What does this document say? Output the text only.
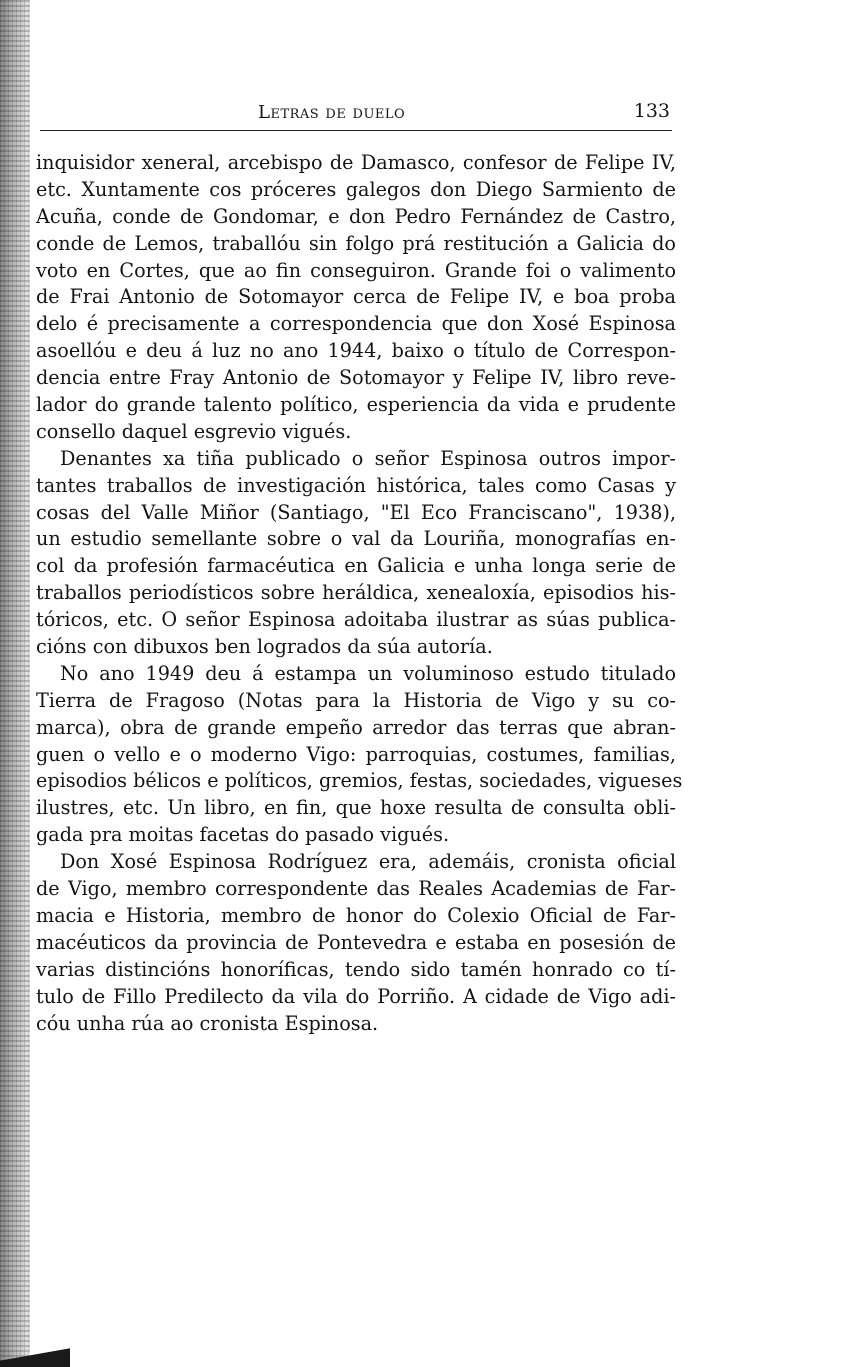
Letras de duelo	133
inquisidor xeneral, arcebispo de Damasco, confesor de Felipe IV,
etc. Xuntamente cos próceres galegos don Diego Sarmiento de
Acuña, conde de Gondomar, e don Pedro Fernández de Castro,
conde de Lemos, traballóu sin folgo prá restitución a Galicia do
voto en Cortes, que ao fin conseguiron. Grande foi o valimento
de Frai Antonio de Sotomayor cerca de Felipe IV, e boa proba
delo é precisamente a correspondencia que don Xosé Espinosa
asoellóu e deu á luz no ano 1944, baixo o título de Correspon-
dencia entre Fray Antonio de Sotomayor y Felipe IV, libro reve-
lador do grande talento político, esperiencia da vida e prudente
consello daquel esgrevio vigués.
Denantes xa tiña publicado o señor Espinosa outros impor-
tantes traballos de investigación histórica, tales como Casas y
cosas del Valle Miñor (Santiago, "El Eco Franciscano", 1938),
un estudio semellante sobre o val da Louriña, monografías en-
col da profesión farmacéutica en Galicia e unha longa serie de
traballos periodísticos sobre heráldica, xenealoxía, episodios his-
tóricos, etc. O señor Espinosa adoitaba ilustrar as súas publica-
cións con dibuxos ben logrados da súa autoría.
No ano 1949 deu á estampa un voluminoso estudo titulado
Tierra de Fragoso (Notas para la Historia de Vigo y su co-
marca), obra de grande empeño arredor das terras que abran-
guen o vello e o moderno Vigo: parroquias, costumes, familias,
episodios bélicos e políticos, gremios, festas, sociedades, vigueses
ilustres, etc. Un libro, en fin, que hoxe resulta de consulta obli-
gada pra moitas facetas do pasado vigués.
Don Xosé Espinosa Rodríguez era, ademáis, cronista oficial
de Vigo, membro correspondente das Reales Academias de Far-
macia e Historia, membro de honor do Colexio Oficial de Far-
macéuticos da provincia de Pontevedra e estaba en posesión de
varias distincións honoríficas, tendo sido tamén honrado co tí-
tulo de Fillo Predilecto da vila do Porriño. A cidade de Vigo adi-
cóu unha rúa ao cronista Espinosa.
